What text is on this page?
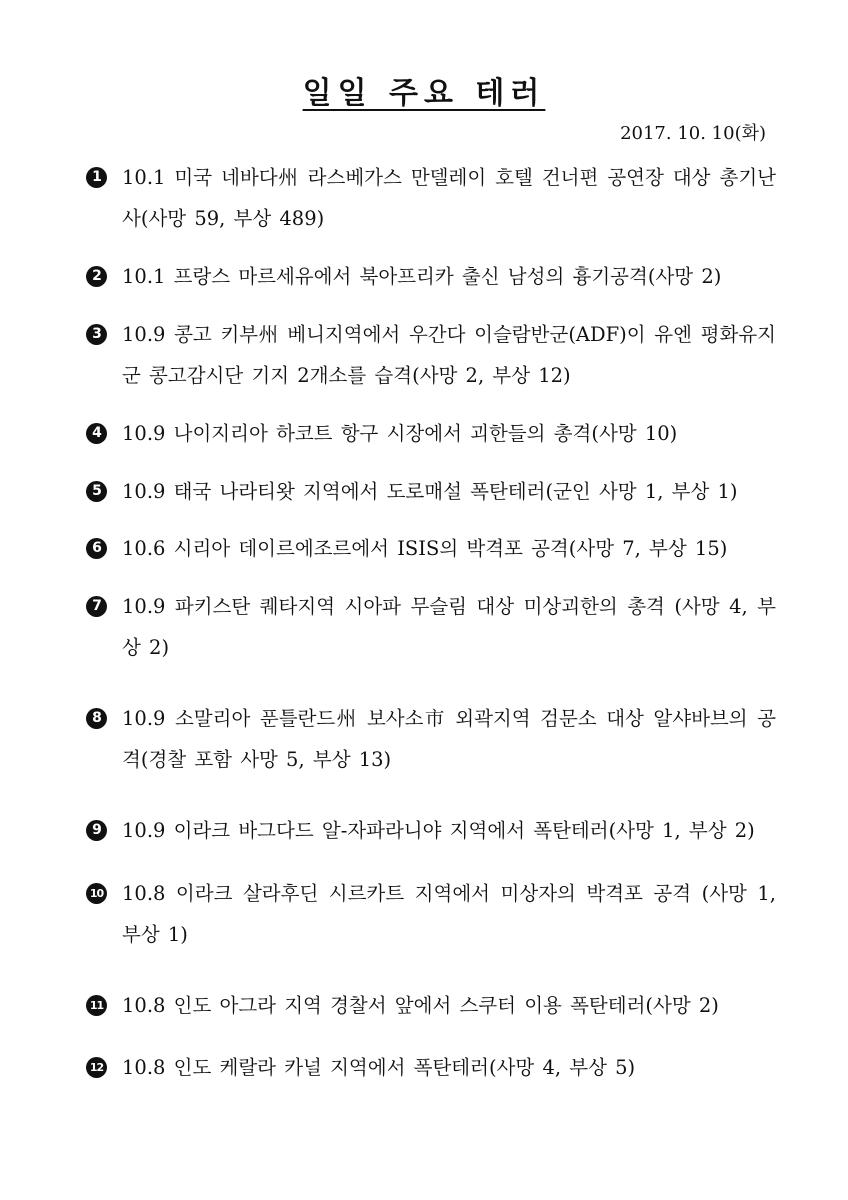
일일 주요 테러
2017. 10. 10(화)
1	10.1 미국 네바다州 라스베가스 만델레이 호텔 건너편 공연장 대상 총기난사(사망 59, 부상 489)
2	10.1 프랑스 마르세유에서 북아프리카 출신 남성의 흉기공격(사망 2)
3	10.9 콩고 키부州 베니지역에서 우간다 이슬람반군(ADF)이 유엔 평화유지군 콩고감시단 기지 2개소를 습격(사망 2, 부상 12)
4	10.9 나이지리아 하코트 항구 시장에서 괴한들의 총격(사망 10)
5	10.9 태국 나라티왓 지역에서 도로매설 폭탄테러(군인 사망 1, 부상 1)
6	10.6 시리아 데이르에조르에서 ISIS의 박격포 공격(사망 7, 부상 15)
7	10.9 파키스탄 퀘타지역 시아파 무슬림 대상 미상괴한의 총격 (사망 4, 부상 2)
8	10.9 소말리아 푼틀란드州 보사소市 외곽지역 검문소 대상 알샤바브의 공격(경찰 포함 사망 5, 부상 13)
9	10.9 이라크 바그다드 알-자파라니야 지역에서 폭탄테러(사망 1, 부상 2)
10 10.8 이라크 살라후딘 시르카트 지역에서 미상자의 박격포 공격 (사망 1, 부상 1)
11 10.8 인도 아그라 지역 경찰서 앞에서 스쿠터 이용 폭탄테러(사망 2)
12 10.8 인도 케랄라 카널 지역에서 폭탄테러(사망 4, 부상 5)
